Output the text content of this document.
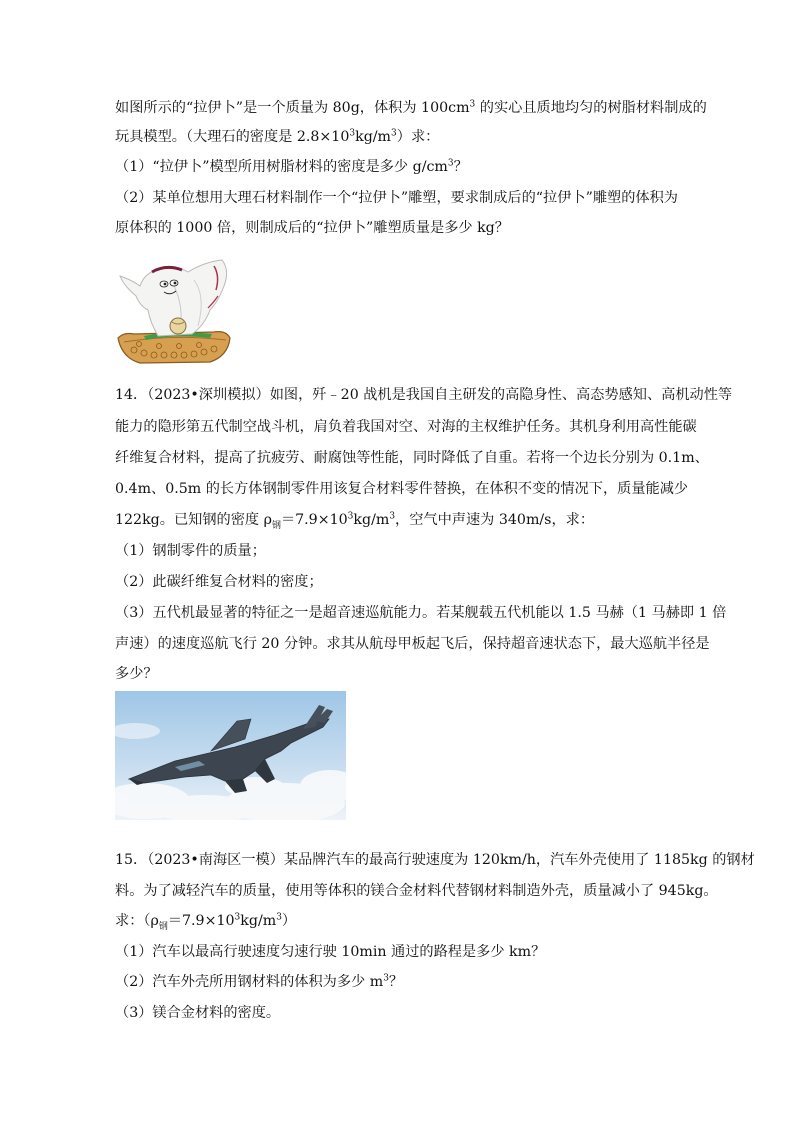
如图所示的“拉伊卜”是一个质量为 80g，体积为 $100cm^3$ 的实心且质地均匀的树脂材料制成的
玩具模型。（大理石的密度是 $2.8\times 10^3kg/m^3$）求：
（1）“拉伊卜”模型所用树脂材料的密度是多少 $g/cm^3$？
（2）某单位想用大理石材料制作一个“拉伊卜”雕塑，要求制成后的“拉伊卜”雕塑的体积为
原体积的 1000 倍，则制成后的“拉伊卜”雕塑质量是多少 kg？
14．（2023•深圳模拟）如图，歼﹣20 战机是我国自主研发的高隐身性、高态势感知、高机动性等
能力的隐形第五代制空战斗机，肩负着我国对空、对海的主权维护任务。其机身利用高性能碳
纤维复合材料，提高了抗疲劳、耐腐蚀等性能，同时降低了自重。若将一个边长分别为 0.1m、
0.4m、0.5m 的长方体钢制零件用该复合材料零件替换，在体积不变的情况下，质量能减少
122kg。已知钢的密度 $\rho_钢=7.9\times 10^3kg/m^3$，空气中声速为 340m/s，求：
（1）钢制零件的质量；
（2）此碳纤维复合材料的密度；
（3）五代机最显著的特征之一是超音速巡航能力。若某舰载五代机能以 1.5 马赫（1 马赫即 1 倍
声速）的速度巡航飞行 20 分钟。求其从航母甲板起飞后，保持超音速状态下，最大巡航半径是
多少？
15．（2023•南海区一模）某品牌汽车的最高行驶速度为 120km/h，汽车外壳使用了 1185kg 的钢材
料。为了减轻汽车的质量，使用等体积的镁合金材料代替钢材料制造外壳，质量减小了 945kg。
求：$(\rho_钢=7.9\times 10^3kg/m^3)$
（1）汽车以最高行驶速度匀速行驶 10min 通过的路程是多少 km？
（2）汽车外壳所用钢材料的体积为多少 $m^3$？
（3）镁合金材料的密度。
